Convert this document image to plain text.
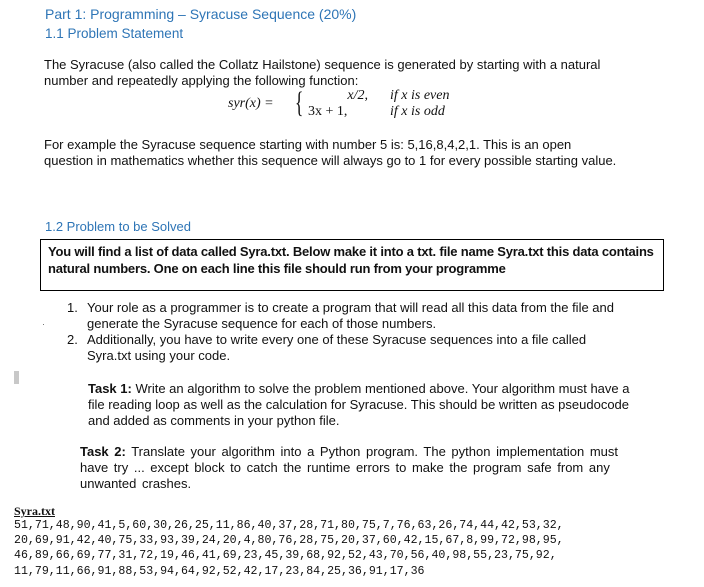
Part 1: Programming – Syracuse Sequence (20%)
1.1 Problem Statement
The Syracuse (also called the Collatz Hailstone) sequence is generated by starting with a natural number and repeatedly applying the following function:
syr(x) = {	x/2,
3x + 1,
if x is even
if x is odd
For example the Syracuse sequence starting with number 5 is: 5,16,8,4,2,1. This is an open question in mathematics whether this sequence will always go to 1 for every possible starting value.
1.2 Problem to be Solved
You will find a list of data called Syra.txt. Below make it into a txt. file name Syra.txt this data contains natural numbers. One on each line this file should run from your programme
1. Your role as a programmer is to create a program that will read all this data from the file and generate the Syracuse sequence for each of those numbers.
2. Additionally, you have to write every one of these Syracuse sequences into a file called Syra.txt using your code.
Task 1: Write an algorithm to solve the problem mentioned above. Your algorithm must have a file reading loop as well as the calculation for Syracuse. This should be written as pseudocode and added as comments in your python file.
Task 2: Translate your algorithm into a Python program. The python implementation must have try ... except block to catch the runtime errors to make the program safe from any unwanted crashes.
Syra.txt
51,71,48,90,41,5,60,30,26,25,11,86,40,37,28,71,80,75,7,76,63,26,74,44,42,53,32,
20,69,91,42,40,75,33,93,39,24,20,4,80,76,28,75,20,37,60,42,15,67,8,99,72,98,95,
46,89,66,69,77,31,72,19,46,41,69,23,45,39,68,92,52,43,70,56,40,98,55,23,75,92,
11,79,11,66,91,88,53,94,64,92,52,42,17,23,84,25,36,91,17,36
